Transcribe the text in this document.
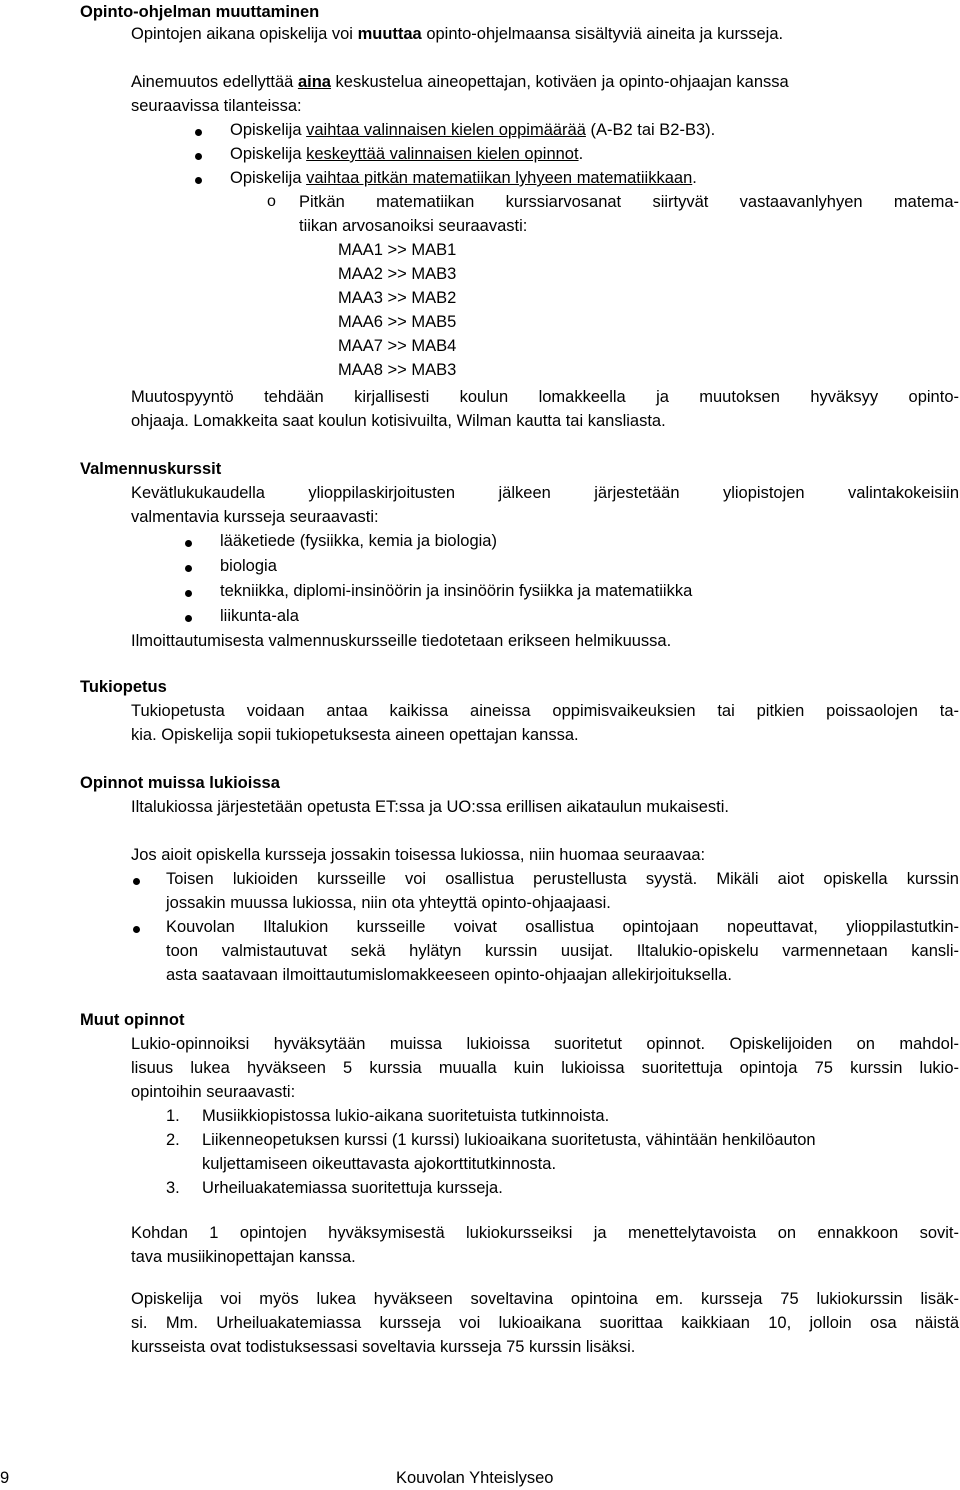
Opinto-ohjelman muuttaminen
Opintojen aikana opiskelija voi muuttaa opinto-ohjelmaansa sisältyviä aineita ja kursseja.
Ainemuutos edellyttää aina keskustelua aineopettajan, kotiväen ja opinto-ohjaajan kanssa
seuraavissa tilanteissa:
Opiskelija vaihtaa valinnaisen kielen oppimäärää (A-B2 tai B2-B3).
Opiskelija keskeyttää valinnaisen kielen opinnot.
Opiskelija vaihtaa pitkän matematiikan lyhyeen matematiikkaan.
o Pitkän matematiikan kurssiarvosanat siirtyvät vastaavanlyhyen matema-
tiikan arvosanoiksi seuraavasti:
MAA1 >> MAB1
MAA2 >> MAB3
MAA3 >> MAB2
MAA6 >> MAB5
MAA7 >> MAB4
MAA8 >> MAB3
Muutospyyntö tehdään kirjallisesti koulun lomakkeella ja muutoksen hyväksyy opinto-
ohjaaja. Lomakkeita saat koulun kotisivuilta, Wilman kautta tai kansliasta.
Valmennuskurssit
Kevätlukukaudella ylioppilaskirjoitusten jälkeen järjestetään yliopistojen valintakokeisiin
valmentavia kursseja seuraavasti:
lääketiede (fysiikka, kemia ja biologia)
biologia
tekniikka, diplomi-insinöörin ja insinöörin fysiikka ja matematiikka
liikunta-ala
Ilmoittautumisesta valmennuskursseille tiedotetaan erikseen helmikuussa.
Tukiopetus
Tukiopetusta voidaan antaa kaikissa aineissa oppimisvaikeuksien tai pitkien poissaolojen ta-
kia. Opiskelija sopii tukiopetuksesta aineen opettajan kanssa.
Opinnot muissa lukioissa
Iltalukiossa järjestetään opetusta ET:ssa ja UO:ssa erillisen aikataulun mukaisesti.
Jos aioit opiskella kursseja jossakin toisessa lukiossa, niin huomaa seuraavaa:
Toisen lukioiden kursseille voi osallistua perustellusta syystä. Mikäli aiot opiskella kurssin
jossakin muussa lukiossa, niin ota yhteyttä opinto-ohjaajaasi.
Kouvolan Iltalukion kursseille voivat osallistua opintojaan nopeuttavat, ylioppilastutkin-
toon valmistautuvat sekä hylätyn kurssin uusijat. Iltalukio-opiskelu varmennetaan kansli-
asta saatavaan ilmoittautumislomakkeeseen opinto-ohjaajan allekirjoituksella.
Muut opinnot
Lukio-opinnoiksi hyväksytään muissa lukioissa suoritetut opinnot. Opiskelijoiden on mahdol-
lisuus lukea hyväkseen 5 kurssia muualla kuin lukioissa suoritettuja opintoja 75 kurssin lukio-
opintoihin seuraavasti:
1. Musiikkiopistossa lukio-aikana suoritetuista tutkinnoista.
2. Liikenneopetuksen kurssi (1 kurssi) lukioaikana suoritetusta, vähintään henkilöauton
kuljettamiseen oikeuttavasta ajokorttitutkinnosta.
3. Urheiluakatemiassa suoritettuja kursseja.
Kohdan 1 opintojen hyväksymisestä lukiokursseiksi ja menettelytavoista on ennakkoon sovit-
tava musiikinopettajan kanssa.
Opiskelija voi myös lukea hyväkseen soveltavina opintoina em. kursseja 75 lukiokurssin lisäk-
si. Mm. Urheiluakatemiassa kursseja voi lukioaikana suorittaa kaikkiaan 10, jolloin osa näistä
kursseista ovat todistuksessasi soveltavia kursseja 75 kurssin lisäksi.
9	Kouvolan Yhteislyseo
